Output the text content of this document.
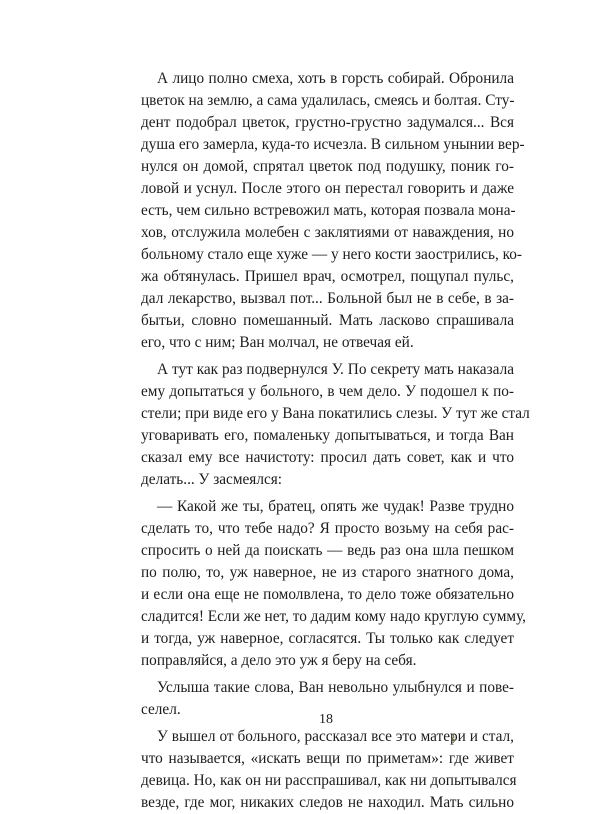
А лицо полно смеха, хоть в горсть собирай. Обронила
цветок на землю, а сама удалилась, смеясь и болтая. Сту-
дент подобрал цветок, грустно-грустно задумался... Вся
душа его замерла, куда-то исчезла. В сильном унынии вер-
нулся он домой, спрятал цветок под подушку, поник го-
ловой и уснул. После этого он перестал говорить и даже
есть, чем сильно встревожил мать, которая позвала мона-
хов, отслужила молебен с заклятиями от наваждения, но
больному стало еще хуже — у него кости заострились, ко-
жа обтянулась. Пришел врач, осмотрел, пощупал пульс,
дал лекарство, вызвал пот... Больной был не в себе, в за-
бытьи, словно помешанный. Мать ласково спрашивала
его, что с ним; Ван молчал, не отвечая ей.
А тут как раз подвернулся У. По секрету мать наказала
ему допытаться у больного, в чем дело. У подошел к по-
стели; при виде его у Вана покатились слезы. У тут же стал
уговаривать его, помаленьку допытываться, и тогда Ван
сказал ему все начистоту: просил дать совет, как и что
делать... У засмеялся:
— Какой же ты, братец, опять же чудак! Разве трудно
сделать то, что тебе надо? Я просто возьму на себя рас-
спросить о ней да поискать — ведь раз она шла пешком
по полю, то, уж наверное, не из старого знатного дома,
и если она еще не помолвлена, то дело тоже обязательно
сладится! Если же нет, то дадим кому надо круглую сумму,
и тогда, уж наверное, согласятся. Ты только как следует
поправляйся, а дело это уж я беру на себя.
Услыша такие слова, Ван невольно улыбнулся и пове-
селел.
У вышел от больного, рассказал все это матери и стал,
что называется, «искать вещи по приметам»: где живет
девица. Но, как он ни расспрашивал, как ни допытывался
везде, где мог, никаких следов не находил. Мать сильно
18
